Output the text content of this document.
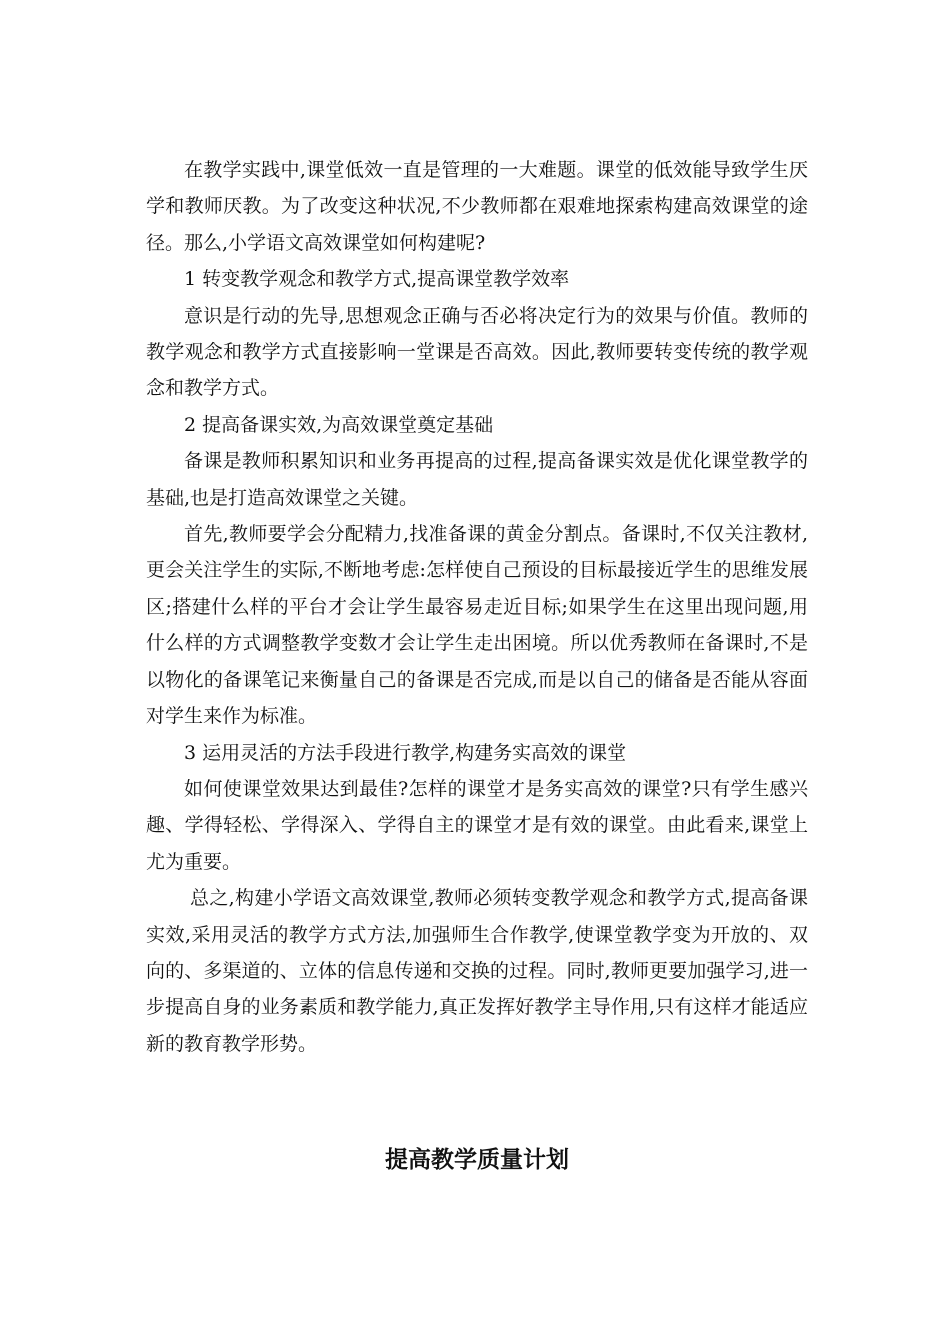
在教学实践中,课堂低效一直是管理的一大难题。课堂的低效能导致学生厌学和教师厌教。为了改变这种状况,不少教师都在艰难地探索构建高效课堂的途径。那么,小学语文高效课堂如何构建呢?

1 转变教学观念和教学方式,提高课堂教学效率

意识是行动的先导,思想观念正确与否必将决定行为的效果与价值。教师的教学观念和教学方式直接影响一堂课是否高效。因此,教师要转变传统的教学观念和教学方式。

2 提高备课实效,为高效课堂奠定基础

备课是教师积累知识和业务再提高的过程,提高备课实效是优化课堂教学的基础,也是打造高效课堂之关键。

首先,教师要学会分配精力,找准备课的黄金分割点。备课时,不仅关注教材,更会关注学生的实际,不断地考虑:怎样使自己预设的目标最接近学生的思维发展区;搭建什么样的平台才会让学生最容易走近目标;如果学生在这里出现问题,用什么样的方式调整教学变数才会让学生走出困境。所以优秀教师在备课时,不是以物化的备课笔记来衡量自己的备课是否完成,而是以自己的储备是否能从容面对学生来作为标准。

3 运用灵活的方法手段进行教学,构建务实高效的课堂

如何使课堂效果达到最佳?怎样的课堂才是务实高效的课堂?只有学生感兴趣、学得轻松、学得深入、学得自主的课堂才是有效的课堂。由此看来,课堂上尤为重要。

总之,构建小学语文高效课堂,教师必须转变教学观念和教学方式,提高备课实效,采用灵活的教学方式方法,加强师生合作教学,使课堂教学变为开放的、双向的、多渠道的、立体的信息传递和交换的过程。同时,教师更要加强学习,进一步提高自身的业务素质和教学能力,真正发挥好教学主导作用,只有这样才能适应新的教育教学形势。

提高教学质量计划
